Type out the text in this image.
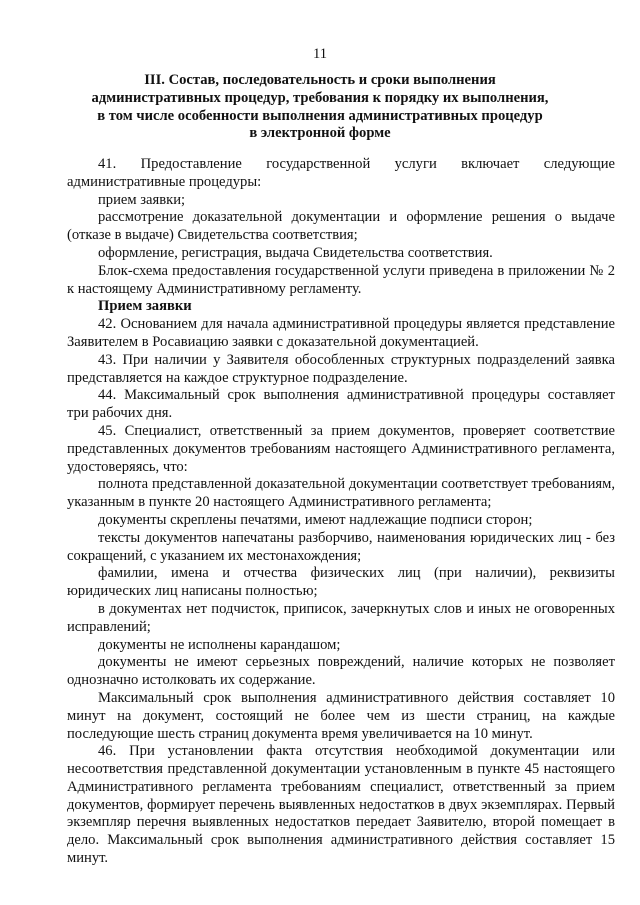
11
III. Состав, последовательность и сроки выполнения
административных процедур, требования к порядку их выполнения,
в том числе особенности выполнения административных процедур
в электронной форме

41. Предоставление государственной услуги включает следующие административные процедуры:

прием заявки;

рассмотрение доказательной документации и оформление решения о выдаче (отказе в выдаче) Свидетельства соответствия;

оформление, регистрация, выдача Свидетельства соответствия.

Блок-схема предоставления государственной услуги приведена в приложении № 2 к настоящему Административному регламенту.

Прием заявки

42. Основанием для начала административной процедуры является представление Заявителем в Росавиацию заявки с доказательной документацией.

43. При наличии у Заявителя обособленных структурных подразделений заявка представляется на каждое структурное подразделение.

44. Максимальный срок выполнения административной процедуры составляет три рабочих дня.

45. Специалист, ответственный за прием документов, проверяет соответствие представленных документов требованиям настоящего Административного регламента, удостоверяясь, что:

полнота представленной доказательной документации соответствует требованиям, указанным в пункте 20 настоящего Административного регламента;

документы скреплены печатями, имеют надлежащие подписи сторон;

тексты документов напечатаны разборчиво, наименования юридических лиц - без сокращений, с указанием их местонахождения;

фамилии, имена и отчества физических лиц (при наличии), реквизиты юридических лиц написаны полностью;

в документах нет подчисток, приписок, зачеркнутых слов и иных не оговоренных исправлений;

документы не исполнены карандашом;

документы не имеют серьезных повреждений, наличие которых не позволяет однозначно истолковать их содержание.

Максимальный срок выполнения административного действия составляет 10 минут на документ, состоящий не более чем из шести страниц, на каждые последующие шесть страниц документа время увеличивается на 10 минут.

46. При установлении факта отсутствия необходимой документации или несоответствия представленной документации установленным в пункте 45 настоящего Административного регламента требованиям специалист, ответственный за прием документов, формирует перечень выявленных недостатков в двух экземплярах. Первый экземпляр перечня выявленных недостатков передает Заявителю, второй помещает в дело. Максимальный срок выполнения административного действия составляет 15 минут.
